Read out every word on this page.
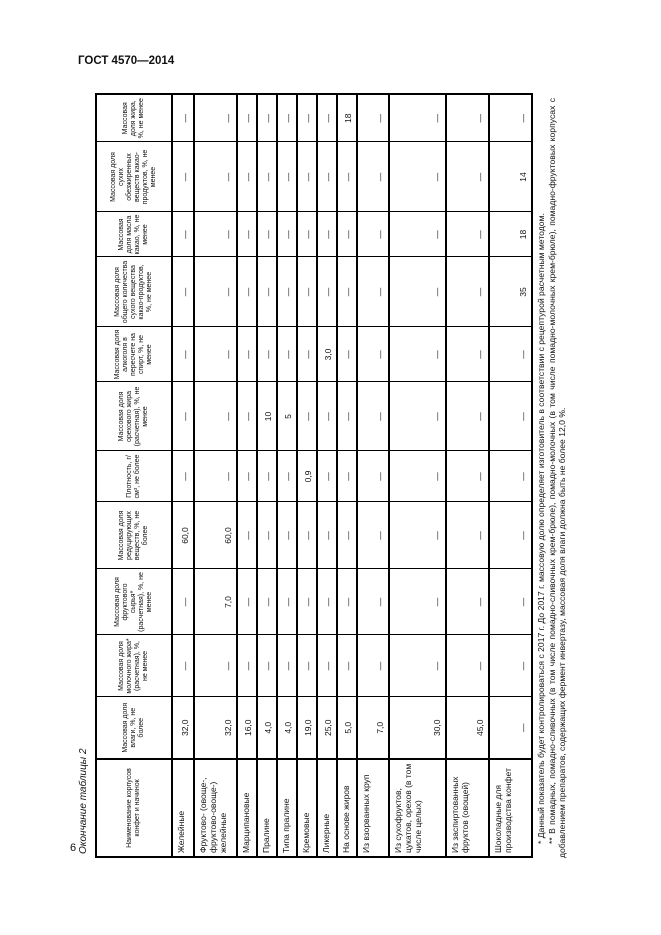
ГОСТ 4570—2014
6 Окончание таблицы 2	Наименование корпусов конфет и начинок	Массовая доля влаги, %, не более	Массовая доля молочного жира* (расчетная), %, не менее	Массовая доля фруктового сырья* (расчетная), %, не менее	Массовая доля редуцирующих веществ, %, не более	Плотность, г/см³, не более	Массовая доля орехового жира (расчетная), %, не менее	Массовая доля алкоголя в пересчете на спирт, %, не менее	Массовая доля общего количества сухого вещества какао-продуктов, %, не менее	Массовая доля масла какао, %, не менее	Массовая доля сухих обезжиренных веществ какао-продуктов, %, не менее	Массовая доля жира, %, не менее
Желейные	32,0	—	—	60,0	—	—	—	—	—	—	—
Фруктово- (овоще-, фруктово-овоще-) желейные	32,0	—	7,0	60,0	—	—	—	—	—	—	—
Марципановые	16,0	—	—	—	—	—	—	—	—	—	—
Пралине	4,0	—	—	—	—	10	—	—	—	—	—
Типа пралине	4,0	—	—	—	—	5	—	—	—	—	—
Кремовые	19,0	—	—	—	0,9	—	—	—	—	—	—
Ликерные	25,0	—	—	—	—	—	3,0	—	—	—	—
На основе жиров	5,0	—	—	—	—	—	—	—	—	—	18
Из взорванных круп	7,0	—	—	—	—	—	—	—	—	—	—
Из сухофруктов, цукатов, орехов (в том числе целых)	30,0	—	—	—	—	—	—	—	—	—	—
Из заспиртованных фруктов (овощей)	45,0	—	—	—	—	—	—	—	—	—	—
Шоколадные для производства конфет	—	—	—	—	—	—	—	35	18	14	—

* Данный показатель будет контролироваться с 2017 г. До 2017 г. массовую долю определяет изготовитель в соответствии с рецептурой расчетным методом. ** В помадных, помадно-сливочных (в том числе помадно-сливочных крем-брюле), помадно-молочных (в том числе помадно-молочных крем-брюле), помадно-фруктовых корпусах с добавлением препаратов, содержащих фермент инвертазу, массовая доля влаги должна быть не более 12,0 %.
